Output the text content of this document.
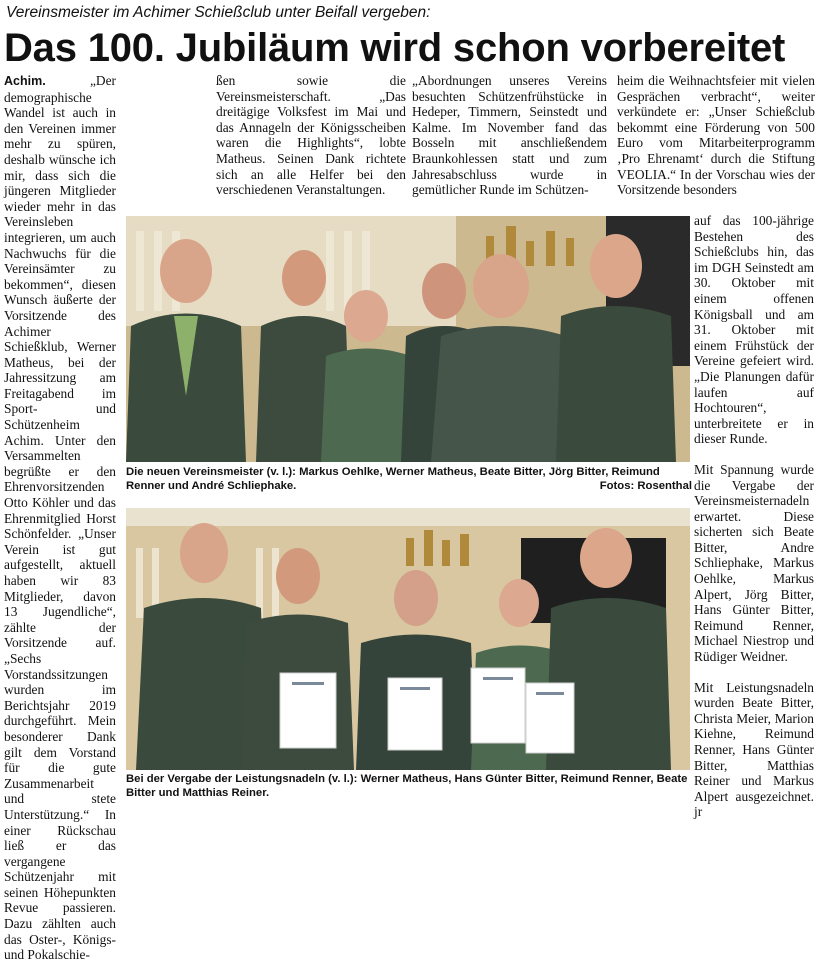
Vereinsmeister im Achimer Schießclub unter Beifall vergeben:
Das 100. Jubiläum wird schon vorbereitet

Achim. „Der demographische Wandel ist auch in den Vereinen immer mehr zu spüren, deshalb wünsche ich mir, dass sich die jüngeren Mitglieder wieder mehr in das Vereinsleben integrieren, um auch Nachwuchs für die Vereinsämter zu bekommen“, diesen Wunsch äußerte der Vorsitzende des Achimer Schießklub, Werner Matheus, bei der Jahressitzung am Freitagabend im Sport- und Schützenheim Achim. Unter den Versammelten begrüßte er den Ehrenvorsitzenden Otto Köhler und das Ehrenmitglied Horst Schönfelder. „Unser Verein ist gut aufgestellt, aktuell haben wir 83 Mitglieder, davon 13 Jugendliche“, zählte der Vorsitzende auf. „Sechs Vorstandssitzungen wurden im Berichtsjahr 2019 durchgeführt. Mein besonderer Dank gilt dem Vorstand für die gute Zusammenarbeit und stete Unterstützung.“ In einer Rückschau ließ er das vergangene Schützenjahr mit seinen Höhepunkten Revue passieren. Dazu zählten auch das Oster-, Königs- und Pokalschie-

ßen sowie die Vereinsmeisterschaft. „Das dreitägige Volksfest im Mai und das Annageln der Königsscheiben waren die Highlights“, lobte Matheus. Seinen Dank richtete sich an alle Helfer bei den verschiedenen Veranstaltungen.

„Abordnungen unseres Vereins besuchten Schützenfrühstücke in Hedeper, Timmern, Seinstedt und Kalme. Im November fand das Bosseln mit anschließendem Braunkohlessen statt und zum Jahresabschluss wurde in gemütlicher Runde im Schützen-

heim die Weihnachtsfeier mit vielen Gesprächen verbracht“, weiter verkündete er: „Unser Schießclub bekommt eine Förderung von 500 Euro vom Mitarbeiterprogramm ‚Pro Ehrenamt‘ durch die Stiftung VEOLIA.“ In der Vorschau wies der Vorsitzende besonders

auf das 100-jährige Bestehen des Schießclubs hin, das im DGH Seinstedt am 30. Oktober mit einem offenen Königsball und am 31. Oktober mit einem Frühstück der Vereine gefeiert wird. „Die Planungen dafür laufen auf Hochtouren“, unterbreitete er in dieser Runde.

Mit Spannung wurde die Vergabe der Vereinsmeisternadeln erwartet. Diese sicherten sich Beate Bitter, Andre Schliephake, Markus Oehlke, Markus Alpert, Jörg Bitter, Hans Günter Bitter, Reimund Renner, Michael Niestrop und Rüdiger Weidner.

Mit Leistungsnadeln wurden Beate Bitter, Christa Meier, Marion Kiehne, Reimund Renner, Hans Günter Bitter, Matthias Reiner und Markus Alpert ausgezeichnet. jr

Die neuen Vereinsmeister (v. l.): Markus Oehlke, Werner Matheus, Beate Bitter, Jörg Bitter, Reimund Renner und André Schliephake.	Fotos: Rosenthal
Bei der Vergabe der Leistungsnadeln (v. l.): Werner Matheus, Hans Günter Bitter, Reimund Renner, Beate Bitter und Matthias Reiner.
